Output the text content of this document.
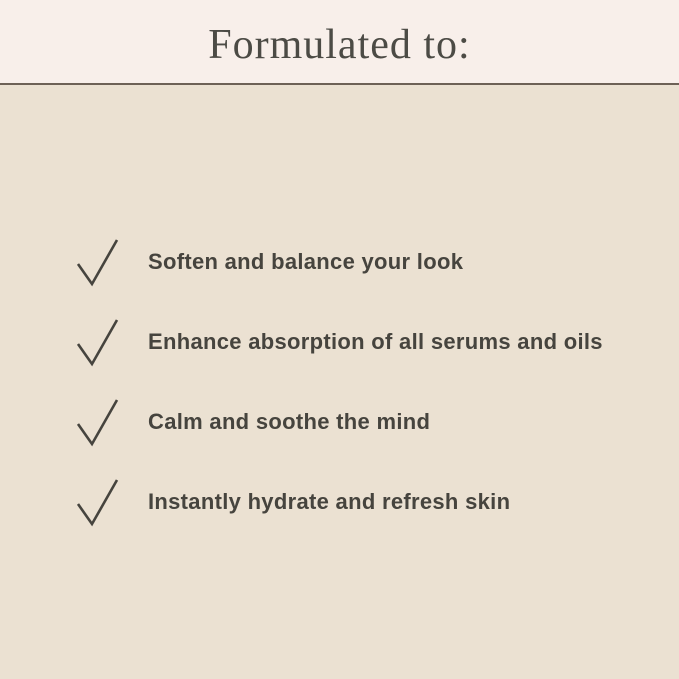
Formulated to:
Soften and balance your look
Enhance absorption of all serums and oils
Calm and soothe the mind
Instantly hydrate and refresh skin
